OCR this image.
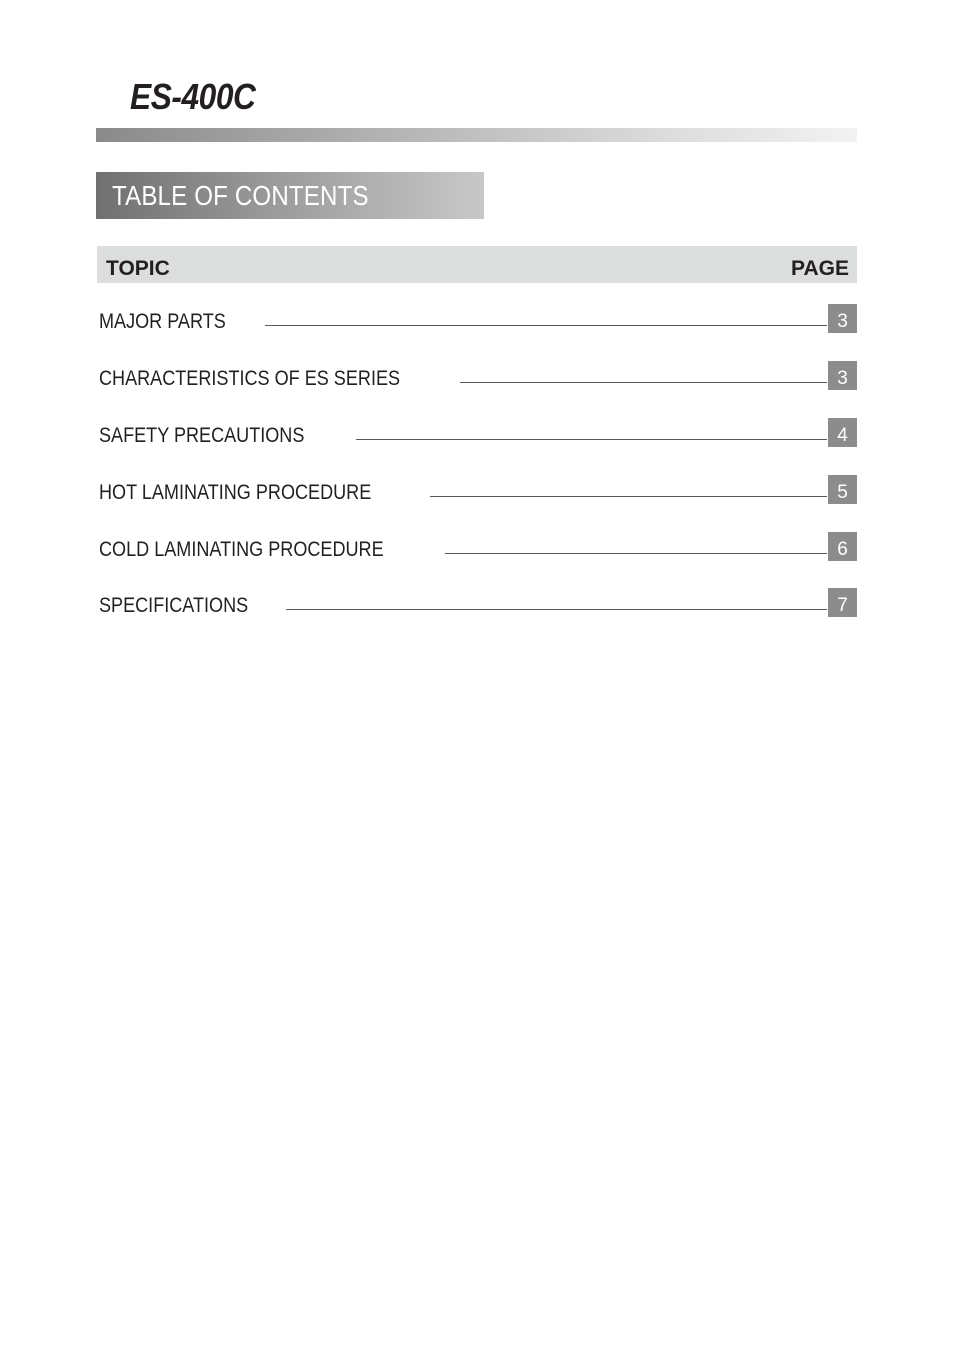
ES-400C
TABLE OF CONTENTS
TOPIC	PAGE
MAJOR PARTS	3
CHARACTERISTICS OF ES SERIES	3
SAFETY PRECAUTIONS	4
HOT LAMINATING PROCEDURE	5
COLD LAMINATING PROCEDURE	6
SPECIFICATIONS	7
